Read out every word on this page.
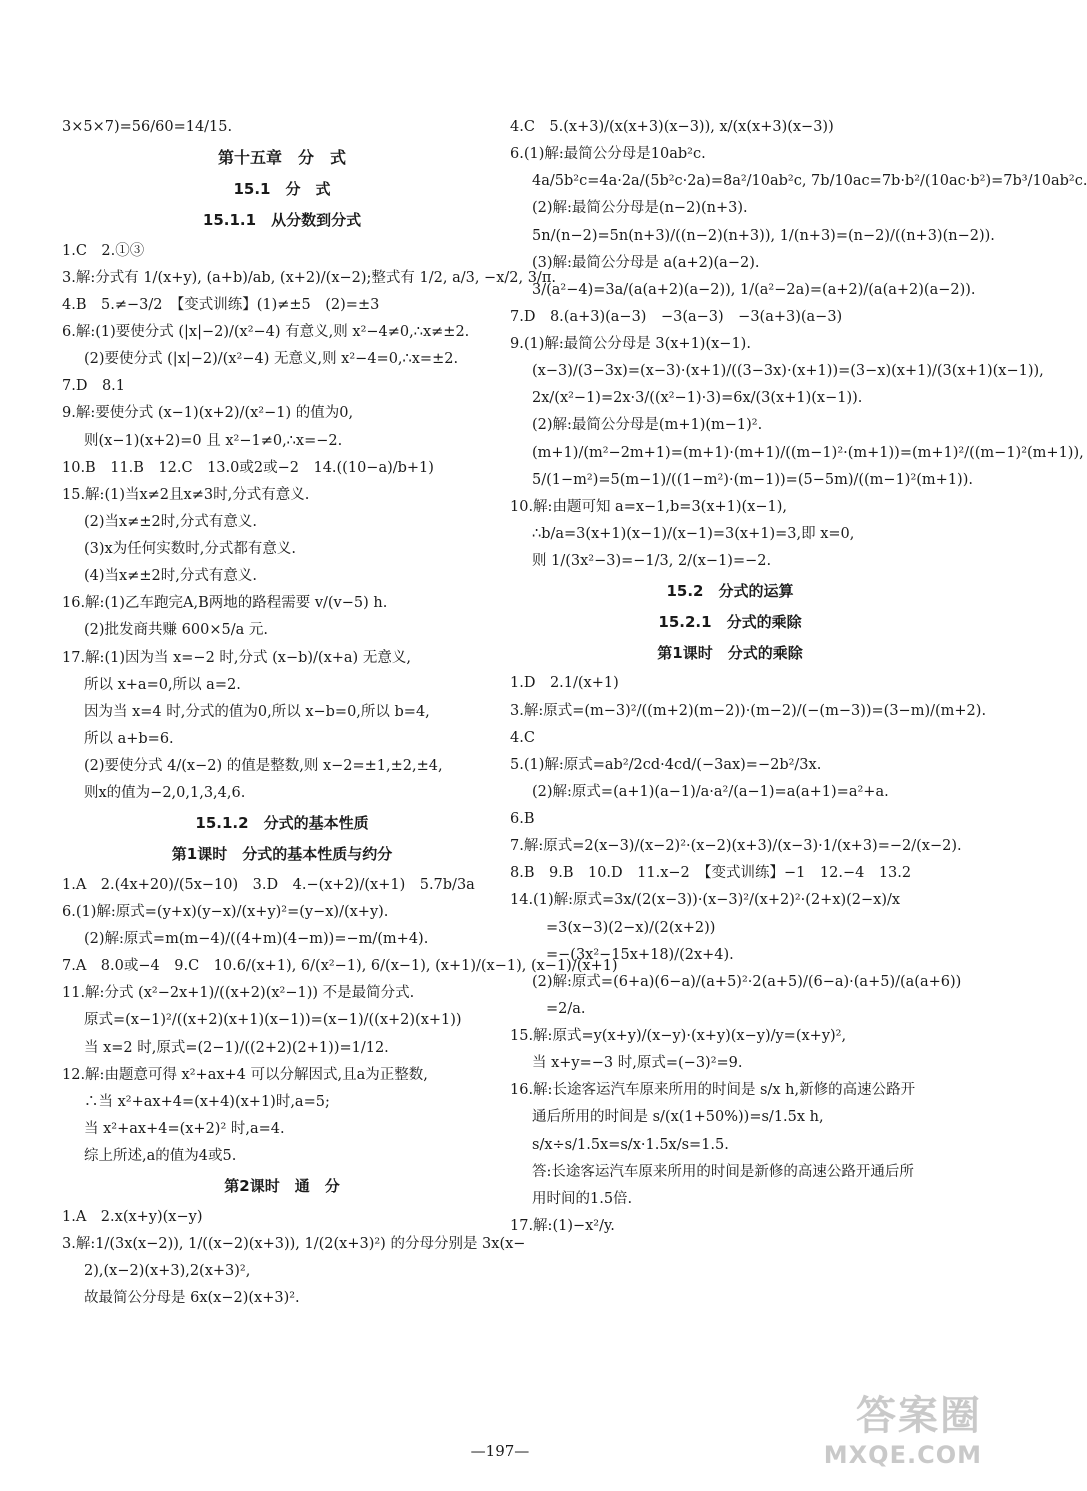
3×5×7)=56/60=14/15.
第十五章　分　式
15.1　分　式
15.1.1　从分数到分式
1.C　2.①③
3.解:分式有 1/(x+y), (a+b)/ab, (x+2)/(x−2);整式有 1/2, a/3, −x/2, 3/π.
4.B　5.≠−3/2　【变式训练】(1)≠±5　(2)=±3
6.解:(1)要使分式 (|x|−2)/(x²−4) 有意义,则 x²−4≠0,∴x≠±2.
(2)要使分式 (|x|−2)/(x²−4) 无意义,则 x²−4=0,∴x=±2.
7.D　8.1
9.解:要使分式 (x−1)(x+2)/(x²−1) 的值为0,
则(x−1)(x+2)=0 且 x²−1≠0,∴x=−2.
10.B　11.B　12.C　13.0或2或−2　14.((10−a)/b+1)
15.解:(1)当x≠2且x≠3时,分式有意义.
(2)当x≠±2时,分式有意义.
(3)x为任何实数时,分式都有意义.
(4)当x≠±2时,分式有意义.
16.解:(1)乙车跑完A,B两地的路程需要 v/(v−5) h.
(2)批发商共赚 600×5/a 元.
17.解:(1)因为当 x=−2 时,分式 (x−b)/(x+a) 无意义,
所以 x+a=0,所以 a=2.
因为当 x=4 时,分式的值为0,所以 x−b=0,所以 b=4,
所以 a+b=6.
(2)要使分式 4/(x−2) 的值是整数,则 x−2=±1,±2,±4,
则x的值为−2,0,1,3,4,6.
15.1.2　分式的基本性质
第1课时　分式的基本性质与约分
1.A　2.(4x+20)/(5x−10)　3.D　4.−(x+2)/(x+1)　5.7b/3a
6.(1)解:原式=(y+x)(y−x)/(x+y)²=(y−x)/(x+y).
(2)解:原式=m(m−4)/((4+m)(4−m))=−m/(m+4).
7.A　8.0或−4　9.C　10.6/(x+1), 6/(x²−1), 6/(x−1), (x+1)/(x−1), (x−1)/(x+1)
11.解:分式 (x²−2x+1)/((x+2)(x²−1)) 不是最简分式.
原式=(x−1)²/((x+2)(x+1)(x−1))=(x−1)/((x+2)(x+1))
当 x=2 时,原式=(2−1)/((2+2)(2+1))=1/12.
12.解:由题意可得 x²+ax+4 可以分解因式,且a为正整数,
∴当 x²+ax+4=(x+4)(x+1)时,a=5;
当 x²+ax+4=(x+2)² 时,a=4.
综上所述,a的值为4或5.
第2课时　通　分
1.A　2.x(x+y)(x−y)
3.解:1/(3x(x−2)), 1/((x−2)(x+3)), 1/(2(x+3)²) 的分母分别是 3x(x−
2),(x−2)(x+3),2(x+3)²,
故最简公分母是 6x(x−2)(x+3)².
4.C　5.(x+3)/(x(x+3)(x−3)), x/(x(x+3)(x−3))
6.(1)解:最简公分母是10ab²c.
4a/5b²c=4a·2a/(5b²c·2a)=8a²/10ab²c, 7b/10ac=7b·b²/(10ac·b²)=7b³/10ab²c.
(2)解:最简公分母是(n−2)(n+3).
5n/(n−2)=5n(n+3)/((n−2)(n+3)), 1/(n+3)=(n−2)/((n+3)(n−2)).
(3)解:最简公分母是 a(a+2)(a−2).
3/(a²−4)=3a/(a(a+2)(a−2)), 1/(a²−2a)=(a+2)/(a(a+2)(a−2)).
7.D　8.(a+3)(a−3)　−3(a−3)　−3(a+3)(a−3)
9.(1)解:最简公分母是 3(x+1)(x−1).
(x−3)/(3−3x)=(x−3)·(x+1)/((3−3x)·(x+1))=(3−x)(x+1)/(3(x+1)(x−1)),
2x/(x²−1)=2x·3/((x²−1)·3)=6x/(3(x+1)(x−1)).
(2)解:最简公分母是(m+1)(m−1)².
(m+1)/(m²−2m+1)=(m+1)·(m+1)/((m−1)²·(m+1))=(m+1)²/((m−1)²(m+1)),
5/(1−m²)=5(m−1)/((1−m²)·(m−1))=(5−5m)/((m−1)²(m+1)).
10.解:由题可知 a=x−1,b=3(x+1)(x−1),
∴b/a=3(x+1)(x−1)/(x−1)=3(x+1)=3,即 x=0,
则 1/(3x²−3)=−1/3, 2/(x−1)=−2.
15.2　分式的运算
15.2.1　分式的乘除
第1课时　分式的乘除
1.D　2.1/(x+1)
3.解:原式=(m−3)²/((m+2)(m−2))·(m−2)/(−(m−3))=(3−m)/(m+2).
4.C
5.(1)解:原式=ab²/2cd·4cd/(−3ax)=−2b²/3x.
(2)解:原式=(a+1)(a−1)/a·a²/(a−1)=a(a+1)=a²+a.
6.B
7.解:原式=2(x−3)/(x−2)²·(x−2)(x+3)/(x−3)·1/(x+3)=−2/(x−2).
8.B　9.B　10.D　11.x−2　【变式训练】−1　12.−4　13.2
14.(1)解:原式=3x/(2(x−3))·(x−3)²/(x+2)²·(2+x)(2−x)/x
=3(x−3)(2−x)/(2(x+2))
=−(3x²−15x+18)/(2x+4).
(2)解:原式=(6+a)(6−a)/(a+5)²·2(a+5)/(6−a)·(a+5)/(a(a+6))
=2/a.
15.解:原式=y(x+y)/(x−y)·(x+y)(x−y)/y=(x+y)²,
当 x+y=−3 时,原式=(−3)²=9.
16.解:长途客运汽车原来所用的时间是 s/x h,新修的高速公路开
通后所用的时间是 s/(x(1+50%))=s/1.5x h,
s/x÷s/1.5x=s/x·1.5x/s=1.5.
答:长途客运汽车原来所用的时间是新修的高速公路开通后所
用时间的1.5倍.
17.解:(1)−x²/y.
—197—
答案圈
MXQE.COM
